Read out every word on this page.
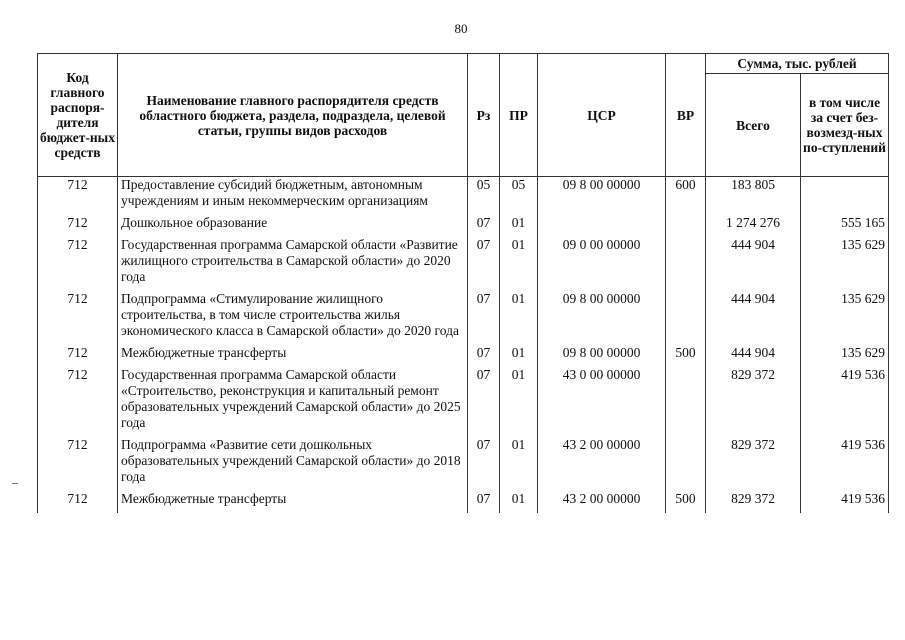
80
Код главного распоря-дителя бюджет-ных средств	Наименование главного распорядителя средств областного бюджета, раздела, подраздела, целевой статьи, группы видов расходов	Рз	ПР	ЦСР	ВР	Сумма, тыс. рублей	
						Всего	в том числе за счет без-возмезд-ных по-ступлений
712	Предоставление субсидий бюджетным, автономным учреждениям и иным некоммерческим организациям	05	05	09 8 00 00000	600	183 805	
712	Дошкольное образование	07	01			1 274 276	555 165
712	Государственная программа Самарской области «Развитие жилищного строительства в Самарской области» до 2020 года	07	01	09 0 00 00000		444 904	135 629
712	Подпрограмма «Стимулирование жилищного строительства, в том числе строительства жилья экономического класса в Самарской области» до 2020 года	07	01	09 8 00 00000		444 904	135 629
712	Межбюджетные трансферты	07	01	09 8 00 00000	500	444 904	135 629
712	Государственная программа Самарской области «Строительство, реконструкция и капитальный ремонт образовательных учреждений Самарской области» до 2025 года	07	01	43 0 00 00000		829 372	419 536
712	Подпрограмма «Развитие сети дошкольных образовательных учреждений Самарской области» до 2018 года	07	01	43 2 00 00000		829 372	419 536
712	Межбюджетные трансферты	07	01	43 2 00 00000	500	829 372	419 536
